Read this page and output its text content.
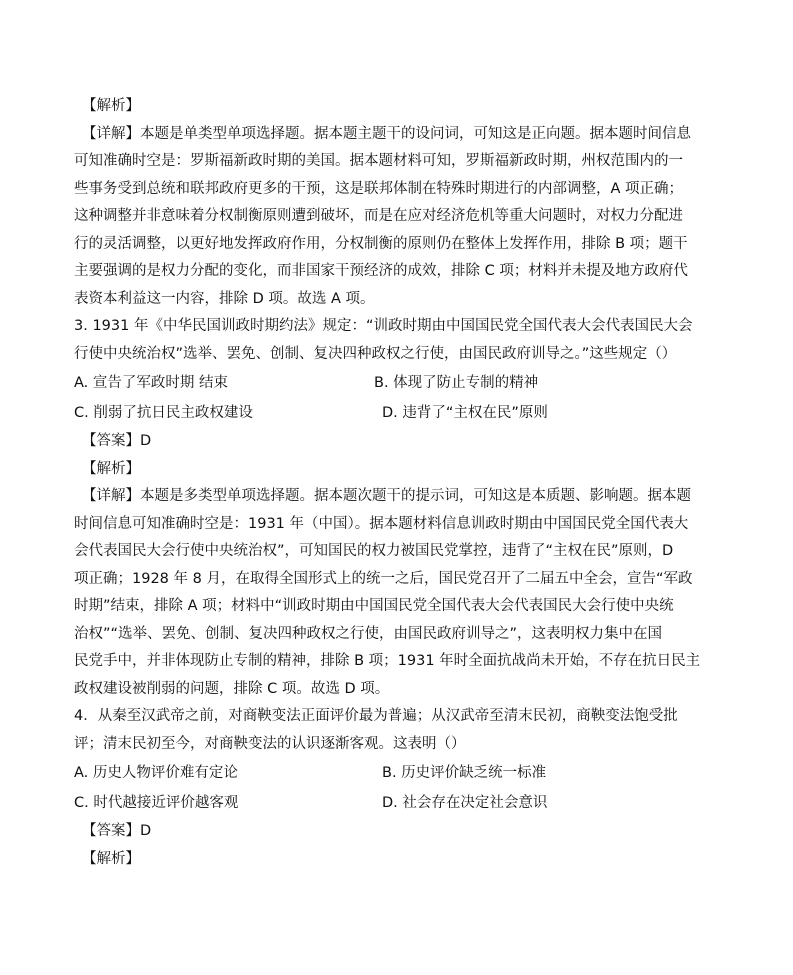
【解析】
【详解】本题是单类型单项选择题。据本题主题干的设问词，可知这是正向题。据本题时间信息
可知准确时空是：罗斯福新政时期的美国。据本题材料可知，罗斯福新政时期，州权范围内的一
些事务受到总统和联邦政府更多的干预，这是联邦体制在特殊时期进行的内部调整，A 项正确；
这种调整并非意味着分权制衡原则遭到破坏，而是在应对经济危机等重大问题时，对权力分配进
行的灵活调整，以更好地发挥政府作用，分权制衡的原则仍在整体上发挥作用，排除 B 项；题干
主要强调的是权力分配的变化，而非国家干预经济的成效，排除 C 项；材料并未提及地方政府代
表资本利益这一内容，排除 D 项。故选 A 项。
3. 1931 年《中华民国训政时期约法》规定：“训政时期由中国国民党全国代表大会代表国民大会
行使中央统治权”选举、罢免、创制、复决四种政权之行使，由国民政府训导之。”这些规定（）
A. 宣告了军政时期 结束	B. 体现了防止专制的精神
C. 削弱了抗日民主政权建设	D. 违背了“主权在民”原则
【答案】D
【解析】
【详解】本题是多类型单项选择题。据本题次题干的提示词，可知这是本质题、影响题。据本题
时间信息可知准确时空是：1931 年（中国）。据本题材料信息训政时期由中国国民党全国代表大
会代表国民大会行使中央统治权”，可知国民的权力被国民党掌控，违背了“主权在民”原则，D
项正确；1928 年 8 月，在取得全国形式上的统一之后，国民党召开了二届五中全会，宣告“军政
时期”结束，排除 A 项；材料中“训政时期由中国国民党全国代表大会代表国民大会行使中央统
治权”“选举、罢免、创制、复决四种政权之行使，由国民政府训导之”，这表明权力集中在国
民党手中，并非体现防止专制的精神，排除 B 项；1931 年时全面抗战尚未开始，不存在抗日民主
政权建设被削弱的问题，排除 C 项。故选 D 项。
4．从秦至汉武帝之前，对商鞅变法正面评价最为普遍；从汉武帝至清末民初，商鞅变法饱受批
评；清末民初至今，对商鞅变法的认识逐渐客观。这表明（）
A. 历史人物评价难有定论	B. 历史评价缺乏统一标准
C. 时代越接近评价越客观	D. 社会存在决定社会意识
【答案】D
【解析】
